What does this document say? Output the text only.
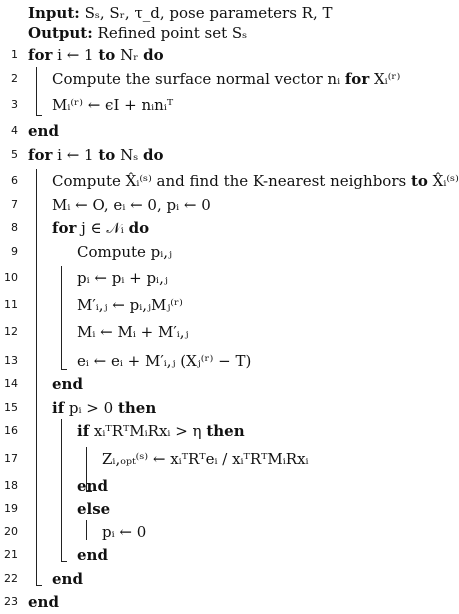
Input: Sₛ, Sᵣ, τ_d, pose parameters R, T
Output: Refined point set Sₛ
1 for i ← 1 to Nᵣ do
2 Compute the surface normal vector nᵢ for Xᵢ⁽ʳ⁾
3 Mᵢ⁽ʳ⁾ ← ϵI + nᵢnᵢᵀ
4 end
5 for i ← 1 to Nₛ do
6 Compute X̂ᵢ⁽ˢ⁾ and find the K-nearest neighbors to X̂ᵢ⁽ˢ⁾
7 Mᵢ ← O, eᵢ ← 0, pᵢ ← 0
8 for j ∈ 𝒩ᵢ do
9	Compute pᵢ,ⱼ
10	pᵢ ← pᵢ + pᵢ,ⱼ
11	M′ᵢ,ⱼ ← pᵢ,ⱼMⱼ⁽ʳ⁾
12	Mᵢ ← Mᵢ + M′ᵢ,ⱼ
13	eᵢ ← eᵢ + M′ᵢ,ⱼ (Xⱼ⁽ʳ⁾ − T)
14 end
15 if pᵢ > 0 then
16	if xᵢᵀRᵀMᵢRxᵢ > η then
17	Zᵢ,ₒₚₜ⁽ˢ⁾ ← xᵢᵀRᵀeᵢ / xᵢᵀRᵀMᵢRxᵢ
18	end
19	else
20	pᵢ ← 0
21	end
22 end
23 end
